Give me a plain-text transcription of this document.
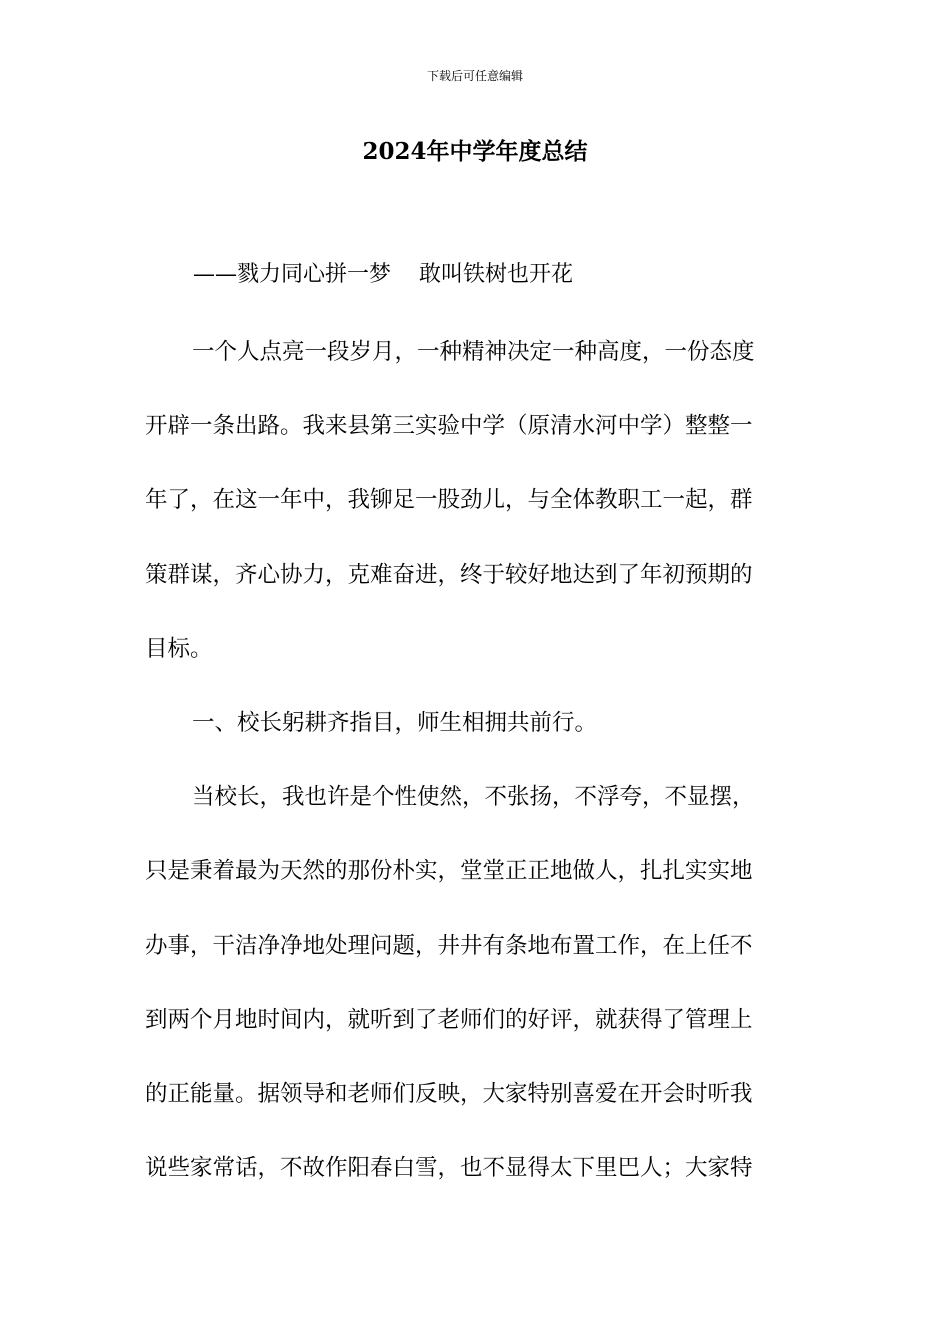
下载后可任意编辑
2024年中学年度总结
——戮力同心拼一梦    敢叫铁树也开花
一个人点亮一段岁月，一种精神决定一种高度，一份态度
开辟一条出路。我来县第三实验中学（原清水河中学）整整一
年了，在这一年中，我铆足一股劲儿，与全体教职工一起，群
策群谋，齐心协力，克难奋进，终于较好地达到了年初预期的
目标。
一、校长躬耕齐指目，师生相拥共前行。
当校长，我也许是个性使然，不张扬，不浮夸，不显摆，
只是秉着最为天然的那份朴实，堂堂正正地做人，扎扎实实地
办事，干洁净净地处理问题，井井有条地布置工作，在上任不
到两个月地时间内，就听到了老师们的好评，就获得了管理上
的正能量。据领导和老师们反映，大家特别喜爱在开会时听我
说些家常话，不故作阳春白雪，也不显得太下里巴人；大家特
